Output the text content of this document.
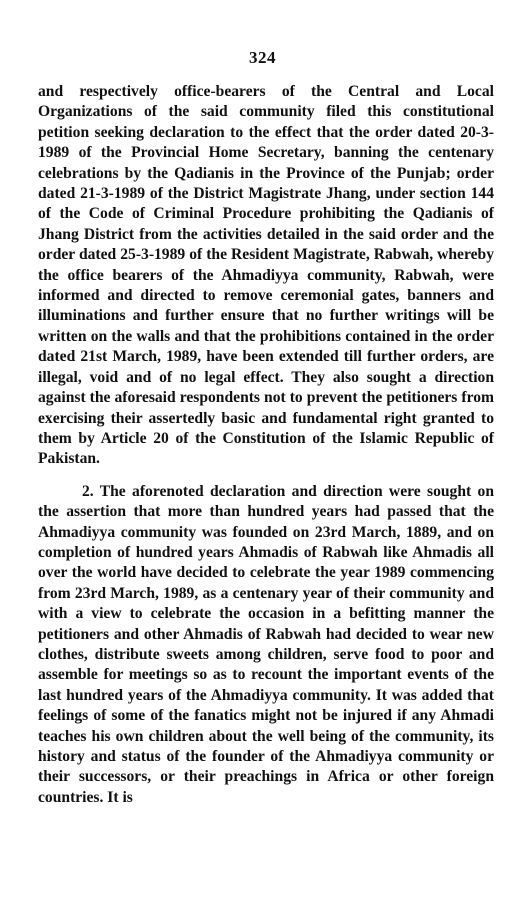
324

and respectively office-bearers of the Central and Local Organizations of the said community filed this constitutional petition seeking declaration to the effect that the order dated 20-3-1989 of the Provincial Home Secretary, banning the centenary celebrations by the Qadianis in the Province of the Punjab; order dated 21-3-1989 of the District Magistrate Jhang, under section 144 of the Code of Criminal Procedure prohibiting the Qadianis of Jhang District from the activities detailed in the said order and the order dated 25-3-1989 of the Resident Magistrate, Rabwah, whereby the office bearers of the Ahmadiyya community, Rabwah, were informed and directed to remove ceremonial gates, banners and illuminations and further ensure that no further writings will be written on the walls and that the prohibitions contained in the order dated 21st March, 1989, have been extended till further orders, are illegal, void and of no legal effect. They also sought a direction against the aforesaid respondents not to prevent the petitioners from exercising their assertedly basic and fundamental right granted to them by Article 20 of the Constitution of the Islamic Republic of Pakistan.

2. The aforenoted declaration and direction were sought on the assertion that more than hundred years had passed that the Ahmadiyya community was founded on 23rd March, 1889, and on completion of hundred years Ahmadis of Rabwah like Ahmadis all over the world have decided to celebrate the year 1989 commencing from 23rd March, 1989, as a centenary year of their community and with a view to celebrate the occasion in a befitting manner the petitioners and other Ahmadis of Rabwah had decided to wear new clothes, distribute sweets among children, serve food to poor and assemble for meetings so as to recount the important events of the last hundred years of the Ahmadiyya community. It was added that feelings of some of the fanatics might not be injured if any Ahmadi teaches his own children about the well being of the community, its history and status of the founder of the Ahmadiyya community or their successors, or their preachings in Africa or other foreign countries. It is
